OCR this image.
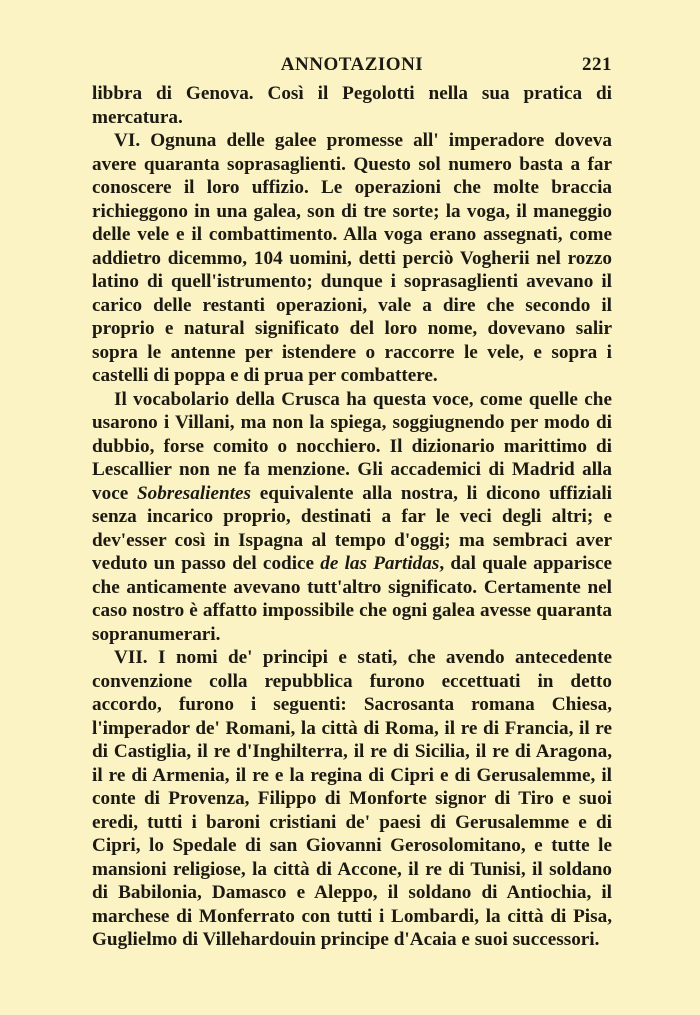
ANNOTAZIONI	221

libbra di Genova. Così il Pegolotti nella sua pratica di mercatura.

VI. Ognuna delle galee promesse all' imperadore doveva avere quaranta soprasaglienti. Questo sol numero basta a far conoscere il loro uffizio. Le operazioni che molte braccia richieggono in una galea, son di tre sorte; la voga, il maneggio delle vele e il combattimento. Alla voga erano assegnati, come addietro dicemmo, 104 uomini, detti perciò Vogherii nel rozzo latino di quell'istrumento; dunque i soprasaglienti avevano il carico delle restanti operazioni, vale a dire che secondo il proprio e natural significato del loro nome, dovevano salir sopra le antenne per istendere o raccorre le vele, e sopra i castelli di poppa e di prua per combattere.

Il vocabolario della Crusca ha questa voce, come quelle che usarono i Villani, ma non la spiega, soggiugnendo per modo di dubbio, forse comito o nocchiero. Il dizionario marittimo di Lescallier non ne fa menzione. Gli accademici di Madrid alla voce Sobresalientes equivalente alla nostra, li dicono uffiziali senza incarico proprio, destinati a far le veci degli altri; e dev'esser così in Ispagna al tempo d'oggi; ma sembraci aver veduto un passo del codice de las Partidas, dal quale apparisce che anticamente avevano tutt'altro significato. Certamente nel caso nostro è affatto impossibile che ogni galea avesse quaranta sopranumerari.

VII. I nomi de' principi e stati, che avendo antecedente convenzione colla repubblica furono eccettuati in detto accordo, furono i seguenti: Sacrosanta romana Chiesa, l'imperador de' Romani, la città di Roma, il re di Francia, il re di Castiglia, il re d'Inghilterra, il re di Sicilia, il re di Aragona, il re di Armenia, il re e la regina di Cipri e di Gerusalemme, il conte di Provenza, Filippo di Monforte signor di Tiro e suoi eredi, tutti i baroni cristiani de' paesi di Gerusalemme e di Cipri, lo Spedale di san Giovanni Gerosolomitano, e tutte le mansioni religiose, la città di Accone, il re di Tunisi, il soldano di Babilonia, Damasco e Aleppo, il soldano di Antiochia, il marchese di Monferrato con tutti i Lombardi, la città di Pisa, Guglielmo di Villehardouin principe d'Acaia e suoi successori.
